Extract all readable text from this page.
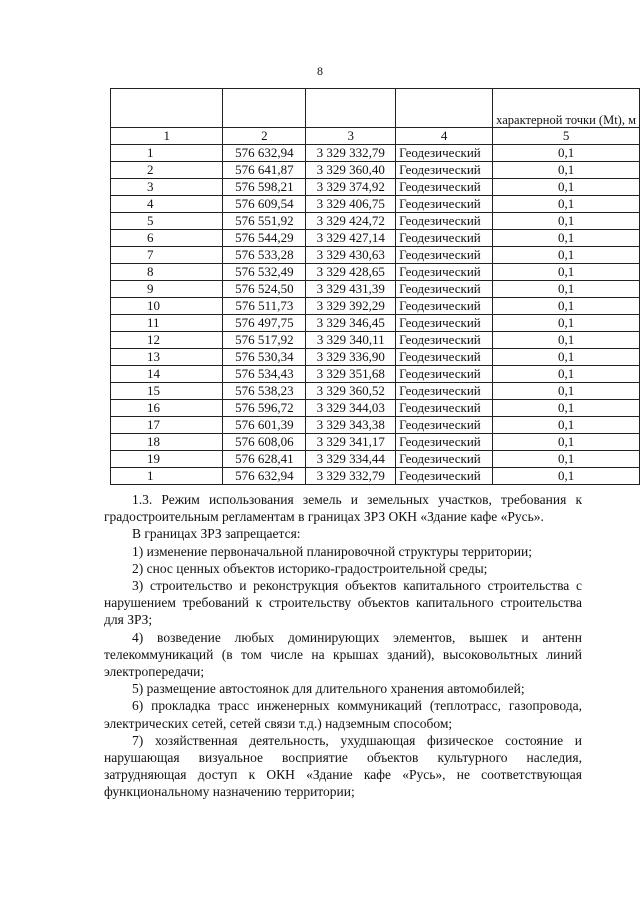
8

				характерной точки (Mt), м

1	2	3	4	5
1	576 632,94	3 329 332,79	Геодезический	0,1
2	576 641,87	3 329 360,40	Геодезический	0,1
3	576 598,21	3 329 374,92	Геодезический	0,1
4	576 609,54	3 329 406,75	Геодезический	0,1
5	576 551,92	3 329 424,72	Геодезический	0,1
6	576 544,29	3 329 427,14	Геодезический	0,1
7	576 533,28	3 329 430,63	Геодезический	0,1
8	576 532,49	3 329 428,65	Геодезический	0,1
9	576 524,50	3 329 431,39	Геодезический	0,1
10	576 511,73	3 329 392,29	Геодезический	0,1
11	576 497,75	3 329 346,45	Геодезический	0,1
12	576 517,92	3 329 340,11	Геодезический	0,1
13	576 530,34	3 329 336,90	Геодезический	0,1
14	576 534,43	3 329 351,68	Геодезический	0,1
15	576 538,23	3 329 360,52	Геодезический	0,1
16	576 596,72	3 329 344,03	Геодезический	0,1
17	576 601,39	3 329 343,38	Геодезический	0,1
18	576 608,06	3 329 341,17	Геодезический	0,1
19	576 628,41	3 329 334,44	Геодезический	0,1
1	576 632,94	3 329 332,79	Геодезический	0,1

1.3. Режим использования земель и земельных участков, требования к градостроительным регламентам в границах ЗРЗ ОКН «Здание кафе «Русь».

В границах ЗРЗ запрещается:

1) изменение первоначальной планировочной структуры территории;

2) снос ценных объектов историко-градостроительной среды;

3) строительство и реконструкция объектов капитального строительства с нарушением требований к строительству объектов капитального строительства для ЗРЗ;

4) возведение любых доминирующих элементов, вышек и антенн телекоммуникаций (в том числе на крышах зданий), высоковольтных линий электропередачи;

5) размещение автостоянок для длительного хранения автомобилей;

6) прокладка трасс инженерных коммуникаций (теплотрасс, газопровода, электрических сетей, сетей связи т.д.) надземным способом;

7) хозяйственная деятельность, ухудшающая физическое состояние и нарушающая визуальное восприятие объектов культурного наследия, затрудняющая доступ к ОКН «Здание кафе «Русь», не соответствующая функциональному назначению территории;
